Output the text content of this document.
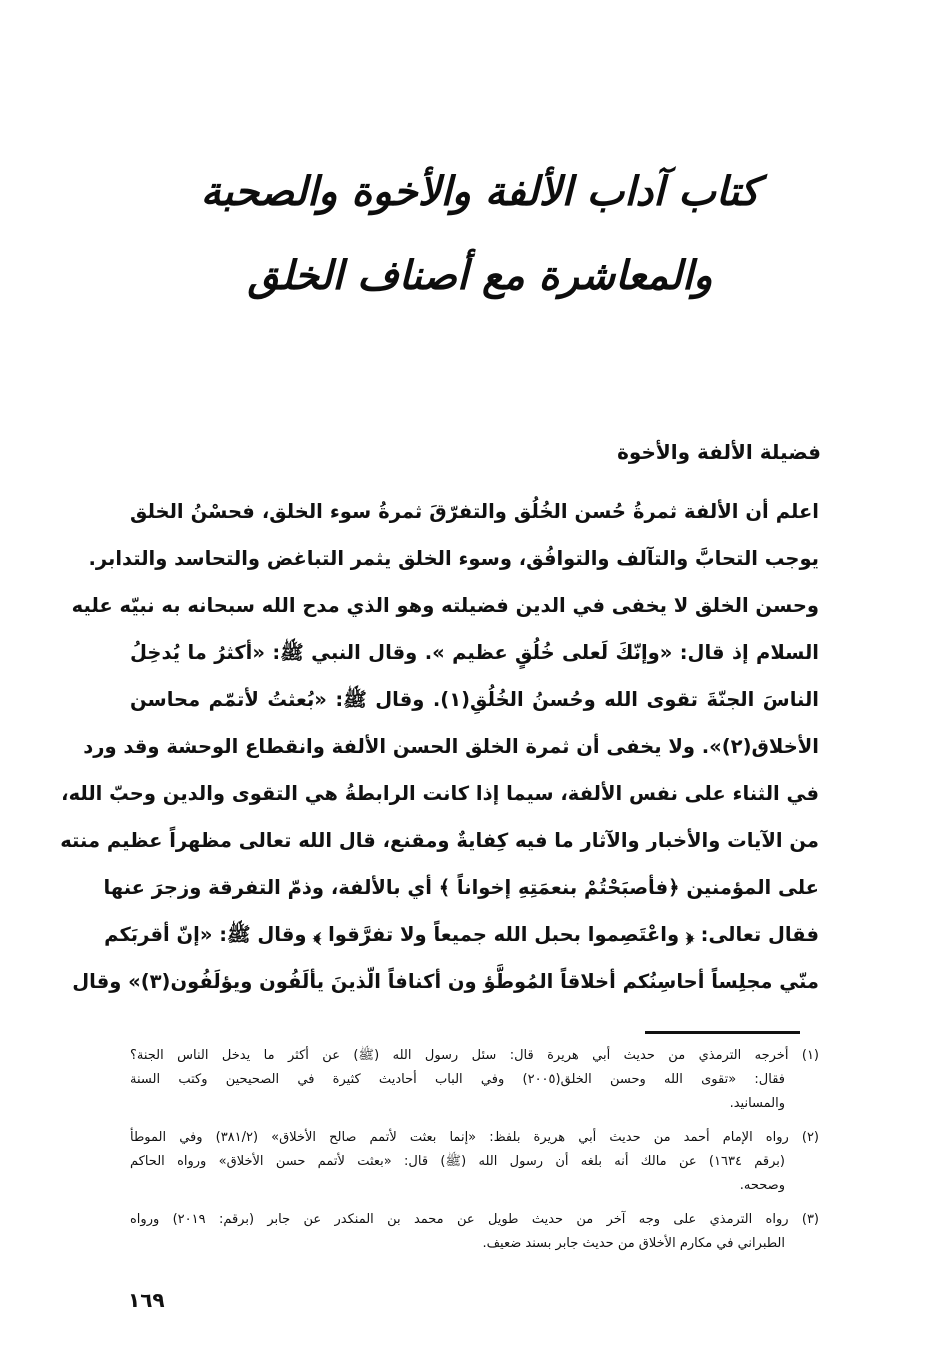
كتاب آداب الألفة والأخوة والصحبة
والمعاشرة مع أصناف الخلق
فضيلة الألفة والأخوة
اعلم أن الألفة ثمرةُ حُسن الخُلُق والتفرّقَ ثمرةُ سوء الخلق، فحسْنُ الخلق
يوجب التحابَّ والتآلف والتوافُق، وسوء الخلق يثمر التباغض والتحاسد والتدابر.
وحسن الخلق لا يخفى في الدين فضيلته وهو الذي مدح الله سبحانه به نبيّه عليه
السلام إذ قال: «وإنّكَ لَعلى خُلُقٍ عظيم ». وقال النبي ﷺ: «أكثرُ ما يُدخِلُ
الناسَ الجنّةَ تقوى الله وحُسنُ الخُلُقِ(١). وقال ﷺ: «بُعثتُ لأتمّم محاسن
الأخلاق(٢)». ولا يخفى أن ثمرة الخلق الحسن الألفة وانقطاع الوحشة وقد ورد
في الثناء على نفس الألفة، سيما إذا كانت الرابطةُ هي التقوى والدين وحبّ الله،
من الآيات والأخبار والآثار ما فيه كِفايةٌ ومقنع، قال الله تعالى مظهراً عظيم منته
على المؤمنين ﴿فأصبَحْتُمْ بنعمَتِهِ إخواناً ﴾ أي بالألفة، وذمّ التفرقة وزجرَ عنها
فقال تعالى: ﴿ واعْتَصِموا بحبل الله جميعاً ولا تفرَّقوا ﴾ وقال ﷺ: «إنّ أقربَكم
منّي مجلِساً أحاسِنُكم أخلاقاً المُوطَّؤ ون أكنافاً الّذينَ يألَفُون ويؤلَفُون(٣)» وقال
(١) أخرجه الترمذي من حديث أبي هريرة قال: سئل رسول الله (ﷺ) عن أكثر ما يدخل الناس الجنة؟
فقال: «تقوى الله وحسن الخلق(٢٠٠٥) وفي الباب أحاديث كثيرة في الصحيحين وكتب السنة
والمسانيد.
(٢) رواه الإمام أحمد من حديث أبي هريرة بلفظ: «إنما بعثت لأتمم صالح الأخلاق» (٣٨١/٢) وفي الموطأ
(برقم ١٦٣٤) عن مالك أنه بلغه أن رسول الله (ﷺ) قال: «بعثت لأتمم حسن الأخلاق» ورواه الحاكم
وصححه.
(٣) رواه الترمذي على وجه آخر من حديث طويل عن محمد بن المنكدر عن جابر (برقم: ٢٠١٩) ورواه
الطبراني في مكارم الأخلاق من حديث جابر بسند ضعيف.
١٦٩
